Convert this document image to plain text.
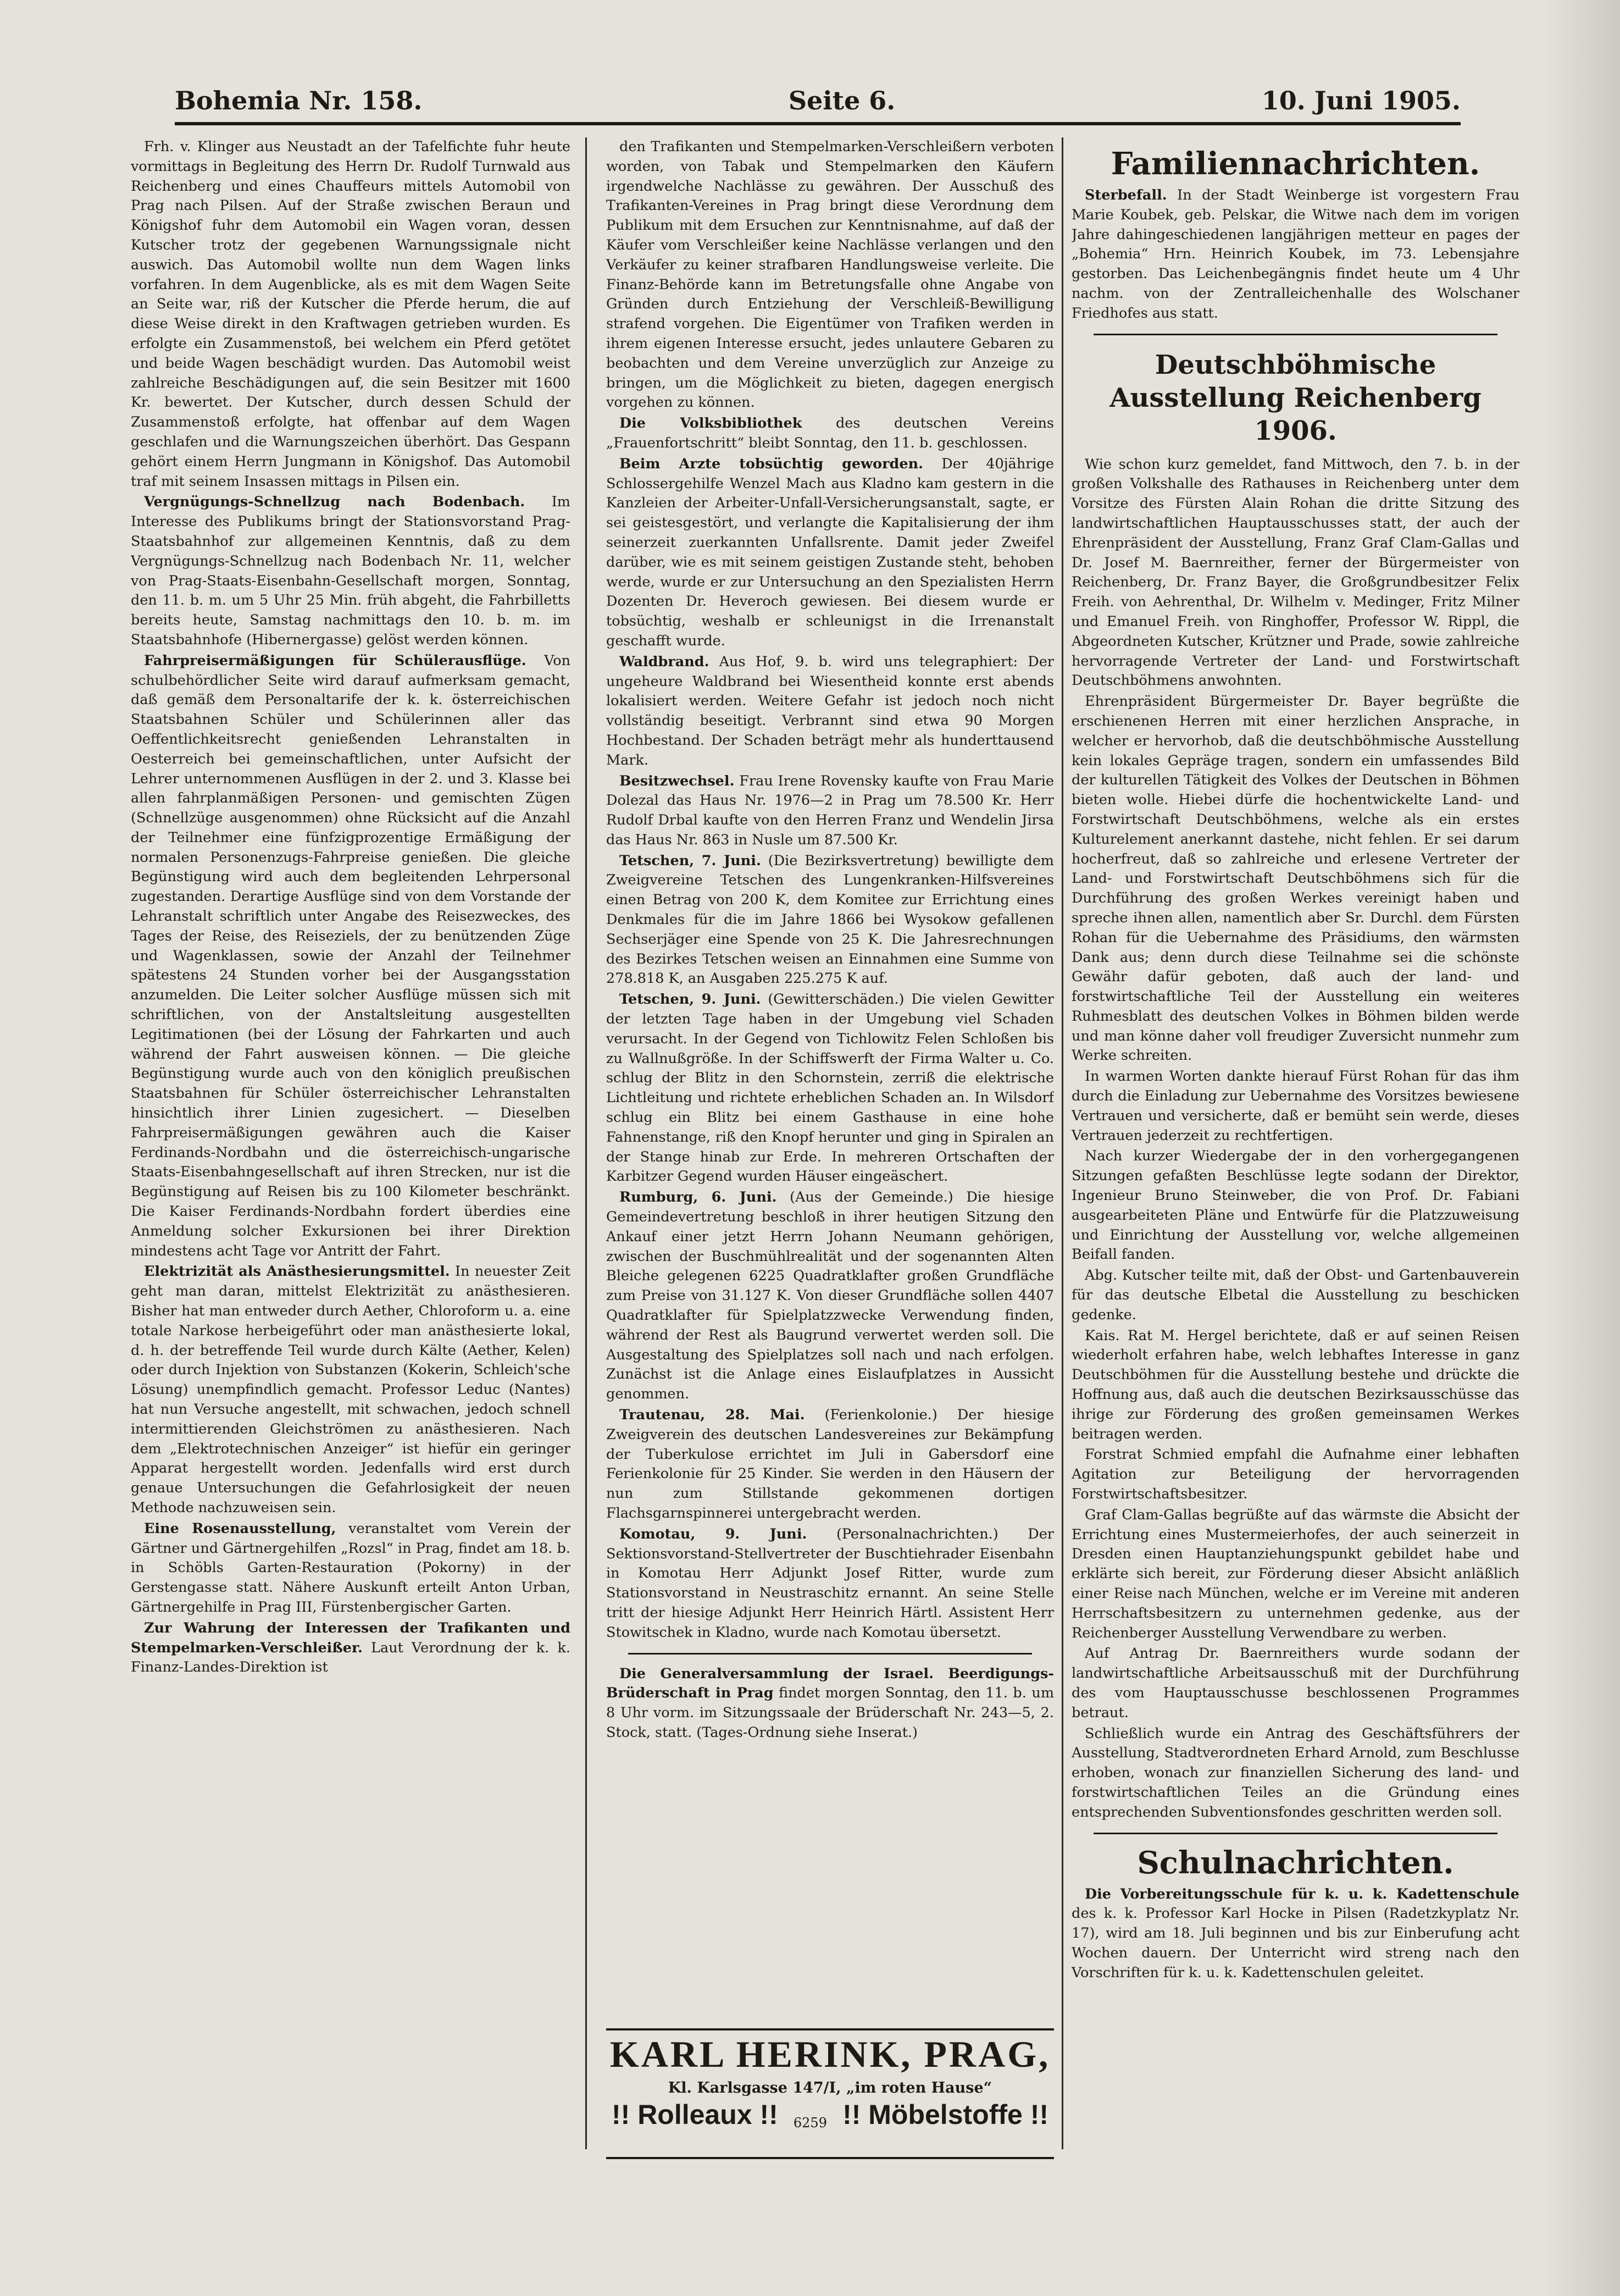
Bohemia Nr. 158.	Seite 6.	10. Juni 1905.

Frh. v. Klinger aus Neustadt an der Tafelfichte fuhr heute vormittags in Begleitung des Herrn Dr. Rudolf Turnwald aus Reichenberg und eines Chauffeurs mittels Automobil von Prag nach Pilsen. Auf der Straße zwischen Beraun und Königshof fuhr dem Automobil ein Wagen voran, dessen Kutscher trotz der gegebenen Warnungssignale nicht auswich. Das Automobil wollte nun dem Wagen links vorfahren. In dem Augenblicke, als es mit dem Wagen Seite an Seite war, riß der Kutscher die Pferde herum, die auf diese Weise direkt in den Kraftwagen getrieben wurden. Es erfolgte ein Zusammenstoß, bei welchem ein Pferd getötet und beide Wagen beschädigt wurden. Das Automobil weist zahlreiche Beschädigungen auf, die sein Besitzer mit 1600 Kr. bewertet. Der Kutscher, durch dessen Schuld der Zusammenstoß erfolgte, hat offenbar auf dem Wagen geschlafen und die Warnungszeichen überhört. Das Gespann gehört einem Herrn Jungmann in Königshof. Das Automobil traf mit seinem Insassen mittags in Pilsen ein.

Vergnügungs-Schnellzug nach Bodenbach. Im Interesse des Publikums bringt der Stationsvorstand Prag-Staatsbahnhof zur allgemeinen Kenntnis, daß zu dem Vergnügungs-Schnellzug nach Bodenbach Nr. 11, welcher von Prag-Staats-Eisenbahn-Gesellschaft morgen, Sonntag, den 11. b. m. um 5 Uhr 25 Min. früh abgeht, die Fahrbilletts bereits heute, Samstag nachmittags den 10. b. m. im Staatsbahnhofe (Hibernergasse) gelöst werden können.

Fahrpreisermäßigungen für Schülerausflüge. Von schulbehördlicher Seite wird darauf aufmerksam gemacht, daß gemäß dem Personaltarife der k. k. österreichischen Staatsbahnen Schüler und Schülerinnen aller das Oeffentlichkeitsrecht genießenden Lehranstalten in Oesterreich bei gemeinschaftlichen, unter Aufsicht der Lehrer unternommenen Ausflügen in der 2. und 3. Klasse bei allen fahrplanmäßigen Personen- und gemischten Zügen (Schnellzüge ausgenommen) ohne Rücksicht auf die Anzahl der Teilnehmer eine fünfzigprozentige Ermäßigung der normalen Personenzugs-Fahrpreise genießen. Die gleiche Begünstigung wird auch dem begleitenden Lehrpersonal zugestanden. Derartige Ausflüge sind von dem Vorstande der Lehranstalt schriftlich unter Angabe des Reisezweckes, des Tages der Reise, des Reiseziels, der zu benützenden Züge und Wagenklassen, sowie der Anzahl der Teilnehmer spätestens 24 Stunden vorher bei der Ausgangsstation anzumelden. Die Leiter solcher Ausflüge müssen sich mit schriftlichen, von der Anstaltsleitung ausgestellten Legitimationen (bei der Lösung der Fahrkarten und auch während der Fahrt ausweisen können. — Die gleiche Begünstigung wurde auch von den königlich preußischen Staatsbahnen für Schüler österreichischer Lehranstalten hinsichtlich ihrer Linien zugesichert. — Dieselben Fahrpreisermäßigungen gewähren auch die Kaiser Ferdinands-Nordbahn und die österreichisch-ungarische Staats-Eisenbahngesellschaft auf ihren Strecken, nur ist die Begünstigung auf Reisen bis zu 100 Kilometer beschränkt. Die Kaiser Ferdinands-Nordbahn fordert überdies eine Anmeldung solcher Exkursionen bei ihrer Direktion mindestens acht Tage vor Antritt der Fahrt.

Elektrizität als Anästhesierungsmittel. In neuester Zeit geht man daran, mittelst Elektrizität zu anästhesieren. Bisher hat man entweder durch Aether, Chloroform u. a. eine totale Narkose herbeigeführt oder man anästhesierte lokal, d. h. der betreffende Teil wurde durch Kälte (Aether, Kelen) oder durch Injektion von Substanzen (Kokerin, Schleich'sche Lösung) unempfindlich gemacht. Professor Leduc (Nantes) hat nun Versuche angestellt, mit schwachen, jedoch schnell intermittierenden Gleichströmen zu anästhesieren. Nach dem „Elektrotechnischen Anzeiger“ ist hiefür ein geringer Apparat hergestellt worden. Jedenfalls wird erst durch genaue Untersuchungen die Gefahrlosigkeit der neuen Methode nachzuweisen sein.

Eine Rosenausstellung, veranstaltet vom Verein der Gärtner und Gärtnergehilfen „Rozsl“ in Prag, findet am 18. b. in Schöbls Garten-Restauration (Pokorny) in der Gerstengasse statt. Nähere Auskunft erteilt Anton Urban, Gärtnergehilfe in Prag III, Fürstenbergischer Garten.

Zur Wahrung der Interessen der Trafikanten und Stempelmarken-Verschleißer. Laut Verordnung der k. k. Finanz-Landes-Direktion ist

den Trafikanten und Stempelmarken-Verschleißern verboten worden, von Tabak und Stempelmarken den Käufern irgendwelche Nachlässe zu gewähren. Der Ausschuß des Trafikanten-Vereines in Prag bringt diese Verordnung dem Publikum mit dem Ersuchen zur Kenntnisnahme, auf daß der Käufer vom Verschleißer keine Nachlässe verlangen und den Verkäufer zu keiner strafbaren Handlungsweise verleite. Die Finanz-Behörde kann im Betretungsfalle ohne Angabe von Gründen durch Entziehung der Verschleiß-Bewilligung strafend vorgehen. Die Eigentümer von Trafiken werden in ihrem eigenen Interesse ersucht, jedes unlautere Gebaren zu beobachten und dem Vereine unverzüglich zur Anzeige zu bringen, um die Möglichkeit zu bieten, dagegen energisch vorgehen zu können.

Die Volksbibliothek des deutschen Vereins „Frauenfortschritt“ bleibt Sonntag, den 11. b. geschlossen.

Beim Arzte tobsüchtig geworden. Der 40jährige Schlossergehilfe Wenzel Mach aus Kladno kam gestern in die Kanzleien der Arbeiter-Unfall-Versicherungsanstalt, sagte, er sei geistesgestört, und verlangte die Kapitalisierung der ihm seinerzeit zuerkannten Unfallsrente. Damit jeder Zweifel darüber, wie es mit seinem geistigen Zustande steht, behoben werde, wurde er zur Untersuchung an den Spezialisten Herrn Dozenten Dr. Heveroch gewiesen. Bei diesem wurde er tobsüchtig, weshalb er schleunigst in die Irrenanstalt geschafft wurde.

Waldbrand. Aus Hof, 9. b. wird uns telegraphiert: Der ungeheure Waldbrand bei Wiesentheid konnte erst abends lokalisiert werden. Weitere Gefahr ist jedoch noch nicht vollständig beseitigt. Verbrannt sind etwa 90 Morgen Hochbestand. Der Schaden beträgt mehr als hunderttausend Mark.

Besitzwechsel. Frau Irene Rovensky kaufte von Frau Marie Dolezal das Haus Nr. 1976—2 in Prag um 78.500 Kr. Herr Rudolf Drbal kaufte von den Herren Franz und Wendelin Jirsa das Haus Nr. 863 in Nusle um 87.500 Kr.

Tetschen, 7. Juni. (Die Bezirksvertretung) bewilligte dem Zweigvereine Tetschen des Lungenkranken-Hilfsvereines einen Betrag von 200 K, dem Komitee zur Errichtung eines Denkmales für die im Jahre 1866 bei Wysokow gefallenen Sechserjäger eine Spende von 25 K. Die Jahresrechnungen des Bezirkes Tetschen weisen an Einnahmen eine Summe von 278.818 K, an Ausgaben 225.275 K auf.

Tetschen, 9. Juni. (Gewitterschäden.) Die vielen Gewitter der letzten Tage haben in der Umgebung viel Schaden verursacht. In der Gegend von Tichlowitz Felen Schloßen bis zu Wallnußgröße. In der Schiffswerft der Firma Walter u. Co. schlug der Blitz in den Schornstein, zerriß die elektrische Lichtleitung und richtete erheblichen Schaden an. In Wilsdorf schlug ein Blitz bei einem Gasthause in eine hohe Fahnenstange, riß den Knopf herunter und ging in Spiralen an der Stange hinab zur Erde. In mehreren Ortschaften der Karbitzer Gegend wurden Häuser eingeäschert.

Rumburg, 6. Juni. (Aus der Gemeinde.) Die hiesige Gemeindevertretung beschloß in ihrer heutigen Sitzung den Ankauf einer jetzt Herrn Johann Neumann gehörigen, zwischen der Buschmühlrealität und der sogenannten Alten Bleiche gelegenen 6225 Quadratklafter großen Grundfläche zum Preise von 31.127 K. Von dieser Grundfläche sollen 4407 Quadratklafter für Spielplatzzwecke Verwendung finden, während der Rest als Baugrund verwertet werden soll. Die Ausgestaltung des Spielplatzes soll nach und nach erfolgen. Zunächst ist die Anlage eines Eislaufplatzes in Aussicht genommen.

Trautenau, 28. Mai. (Ferienkolonie.) Der hiesige Zweigverein des deutschen Landesvereines zur Bekämpfung der Tuberkulose errichtet im Juli in Gabersdorf eine Ferienkolonie für 25 Kinder. Sie werden in den Häusern der nun zum Stillstande gekommenen dortigen Flachsgarnspinnerei untergebracht werden.

Komotau, 9. Juni. (Personalnachrichten.) Der Sektionsvorstand-Stellvertreter der Buschtiehrader Eisenbahn in Komotau Herr Adjunkt Josef Ritter, wurde zum Stationsvorstand in Neustraschitz ernannt. An seine Stelle tritt der hiesige Adjunkt Herr Heinrich Härtl. Assistent Herr Stowitschek in Kladno, wurde nach Komotau übersetzt.

Die Generalversammlung der Israel. Beerdigungs-Brüderschaft in Prag findet morgen Sonntag, den 11. b. um 8 Uhr vorm. im Sitzungssaale der Brüderschaft Nr. 243—5, 2. Stock, statt. (Tages-Ordnung siehe Inserat.)

KARL HERINK, PRAG,
Kl. Karlsgasse 147/I, „im roten Hause“
!! Rolleaux !! 6259 !! Möbelstoffe !!
Familiennachrichten.

Sterbefall. In der Stadt Weinberge ist vorgestern Frau Marie Koubek, geb. Pelskar, die Witwe nach dem im vorigen Jahre dahingeschiedenen langjährigen metteur en pages der „Bohemia“ Hrn. Heinrich Koubek, im 73. Lebensjahre gestorben. Das Leichenbegängnis findet heute um 4 Uhr nachm. von der Zentralleichenhalle des Wolschaner Friedhofes aus statt.

Deutschböhmische Ausstellung Reichenberg 1906.

Wie schon kurz gemeldet, fand Mittwoch, den 7. b. in der großen Volkshalle des Rathauses in Reichenberg unter dem Vorsitze des Fürsten Alain Rohan die dritte Sitzung des landwirtschaftlichen Hauptausschusses statt, der auch der Ehrenpräsident der Ausstellung, Franz Graf Clam-Gallas und Dr. Josef M. Baernreither, ferner der Bürgermeister von Reichenberg, Dr. Franz Bayer, die Großgrundbesitzer Felix Freih. von Aehrenthal, Dr. Wilhelm v. Medinger, Fritz Milner und Emanuel Freih. von Ringhoffer, Professor W. Rippl, die Abgeordneten Kutscher, Krützner und Prade, sowie zahlreiche hervorragende Vertreter der Land- und Forstwirtschaft Deutschböhmens anwohnten.

Ehrenpräsident Bürgermeister Dr. Bayer begrüßte die erschienenen Herren mit einer herzlichen Ansprache, in welcher er hervorhob, daß die deutschböhmische Ausstellung kein lokales Gepräge tragen, sondern ein umfassendes Bild der kulturellen Tätigkeit des Volkes der Deutschen in Böhmen bieten wolle. Hiebei dürfe die hochentwickelte Land- und Forstwirtschaft Deutschböhmens, welche als ein erstes Kulturelement anerkannt dastehe, nicht fehlen. Er sei darum hocherfreut, daß so zahlreiche und erlesene Vertreter der Land- und Forstwirtschaft Deutschböhmens sich für die Durchführung des großen Werkes vereinigt haben und spreche ihnen allen, namentlich aber Sr. Durchl. dem Fürsten Rohan für die Uebernahme des Präsidiums, den wärmsten Dank aus; denn durch diese Teilnahme sei die schönste Gewähr dafür geboten, daß auch der land- und forstwirtschaftliche Teil der Ausstellung ein weiteres Ruhmesblatt des deutschen Volkes in Böhmen bilden werde und man könne daher voll freudiger Zuversicht nunmehr zum Werke schreiten.

In warmen Worten dankte hierauf Fürst Rohan für das ihm durch die Einladung zur Uebernahme des Vorsitzes bewiesene Vertrauen und versicherte, daß er bemüht sein werde, dieses Vertrauen jederzeit zu rechtfertigen.

Nach kurzer Wiedergabe der in den vorhergegangenen Sitzungen gefaßten Beschlüsse legte sodann der Direktor, Ingenieur Bruno Steinweber, die von Prof. Dr. Fabiani ausgearbeiteten Pläne und Entwürfe für die Platzzuweisung und Einrichtung der Ausstellung vor, welche allgemeinen Beifall fanden.

Abg. Kutscher teilte mit, daß der Obst- und Gartenbauverein für das deutsche Elbetal die Ausstellung zu beschicken gedenke.

Kais. Rat M. Hergel berichtete, daß er auf seinen Reisen wiederholt erfahren habe, welch lebhaftes Interesse in ganz Deutschböhmen für die Ausstellung bestehe und drückte die Hoffnung aus, daß auch die deutschen Bezirksausschüsse das ihrige zur Förderung des großen gemeinsamen Werkes beitragen werden.

Forstrat Schmied empfahl die Aufnahme einer lebhaften Agitation zur Beteiligung der hervorragenden Forstwirtschaftsbesitzer.

Graf Clam-Gallas begrüßte auf das wärmste die Absicht der Errichtung eines Mustermeierhofes, der auch seinerzeit in Dresden einen Hauptanziehungspunkt gebildet habe und erklärte sich bereit, zur Förderung dieser Absicht anläßlich einer Reise nach München, welche er im Vereine mit anderen Herrschaftsbesitzern zu unternehmen gedenke, aus der Reichenberger Ausstellung Verwendbare zu werben.

Auf Antrag Dr. Baernreithers wurde sodann der landwirtschaftliche Arbeitsausschuß mit der Durchführung des vom Hauptausschusse beschlossenen Programmes betraut.

Schließlich wurde ein Antrag des Geschäftsführers der Ausstellung, Stadtverordneten Erhard Arnold, zum Beschlusse erhoben, wonach zur finanziellen Sicherung des land- und forstwirtschaftlichen Teiles an die Gründung eines entsprechenden Subventionsfondes geschritten werden soll.

Schulnachrichten.

Die Vorbereitungsschule für k. u. k. Kadettenschule des k. k. Professor Karl Hocke in Pilsen (Radetzkyplatz Nr. 17), wird am 18. Juli beginnen und bis zur Einberufung acht Wochen dauern. Der Unterricht wird streng nach den Vorschriften für k. u. k. Kadettenschulen geleitet.
